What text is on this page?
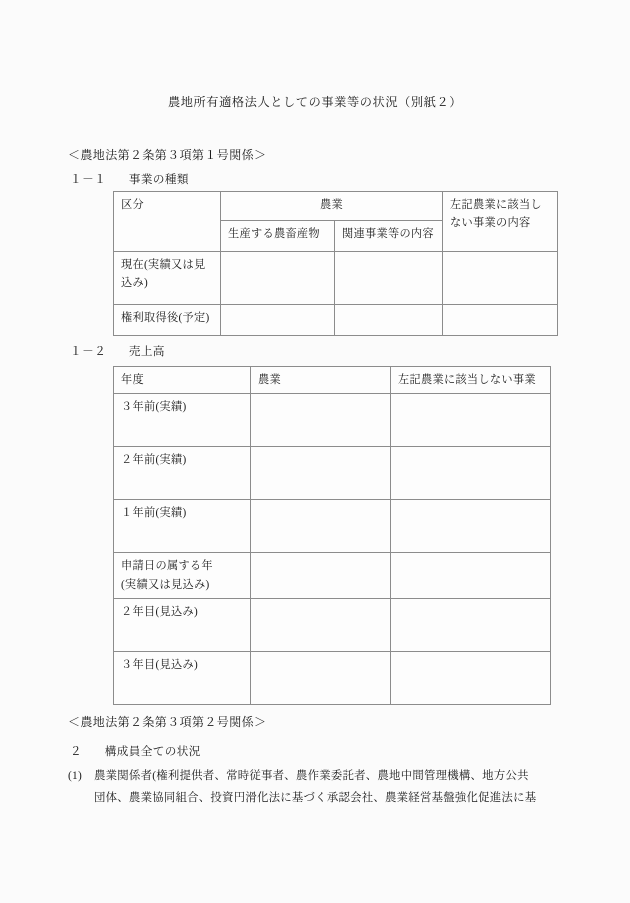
農地所有適格法人としての事業等の状況（別紙２）
＜農地法第２条第３項第１号関係＞
１－１ 事業の種類
区分	農業		左記農業に該当しない事業の内容
	生産する農畜産物	関連事業等の内容	
現在(実績又は見込み)			
権利取得後(予定)			
１－２ 売上高
年度	農業	左記農業に該当しない事業
３年前(実績)		
２年前(実績)		
１年前(実績)		
申請日の属する年
(実績又は見込み)		
２年目(見込み)		
３年目(見込み)		
＜農地法第２条第３項第２号関係＞
２ 構成員全ての状況
(1)	農業関係者(権利提供者、常時従事者、農作業委託者、農地中間管理機構、地方公共
団体、農業協同組合、投資円滑化法に基づく承認会社、農業経営基盤強化促進法に基
